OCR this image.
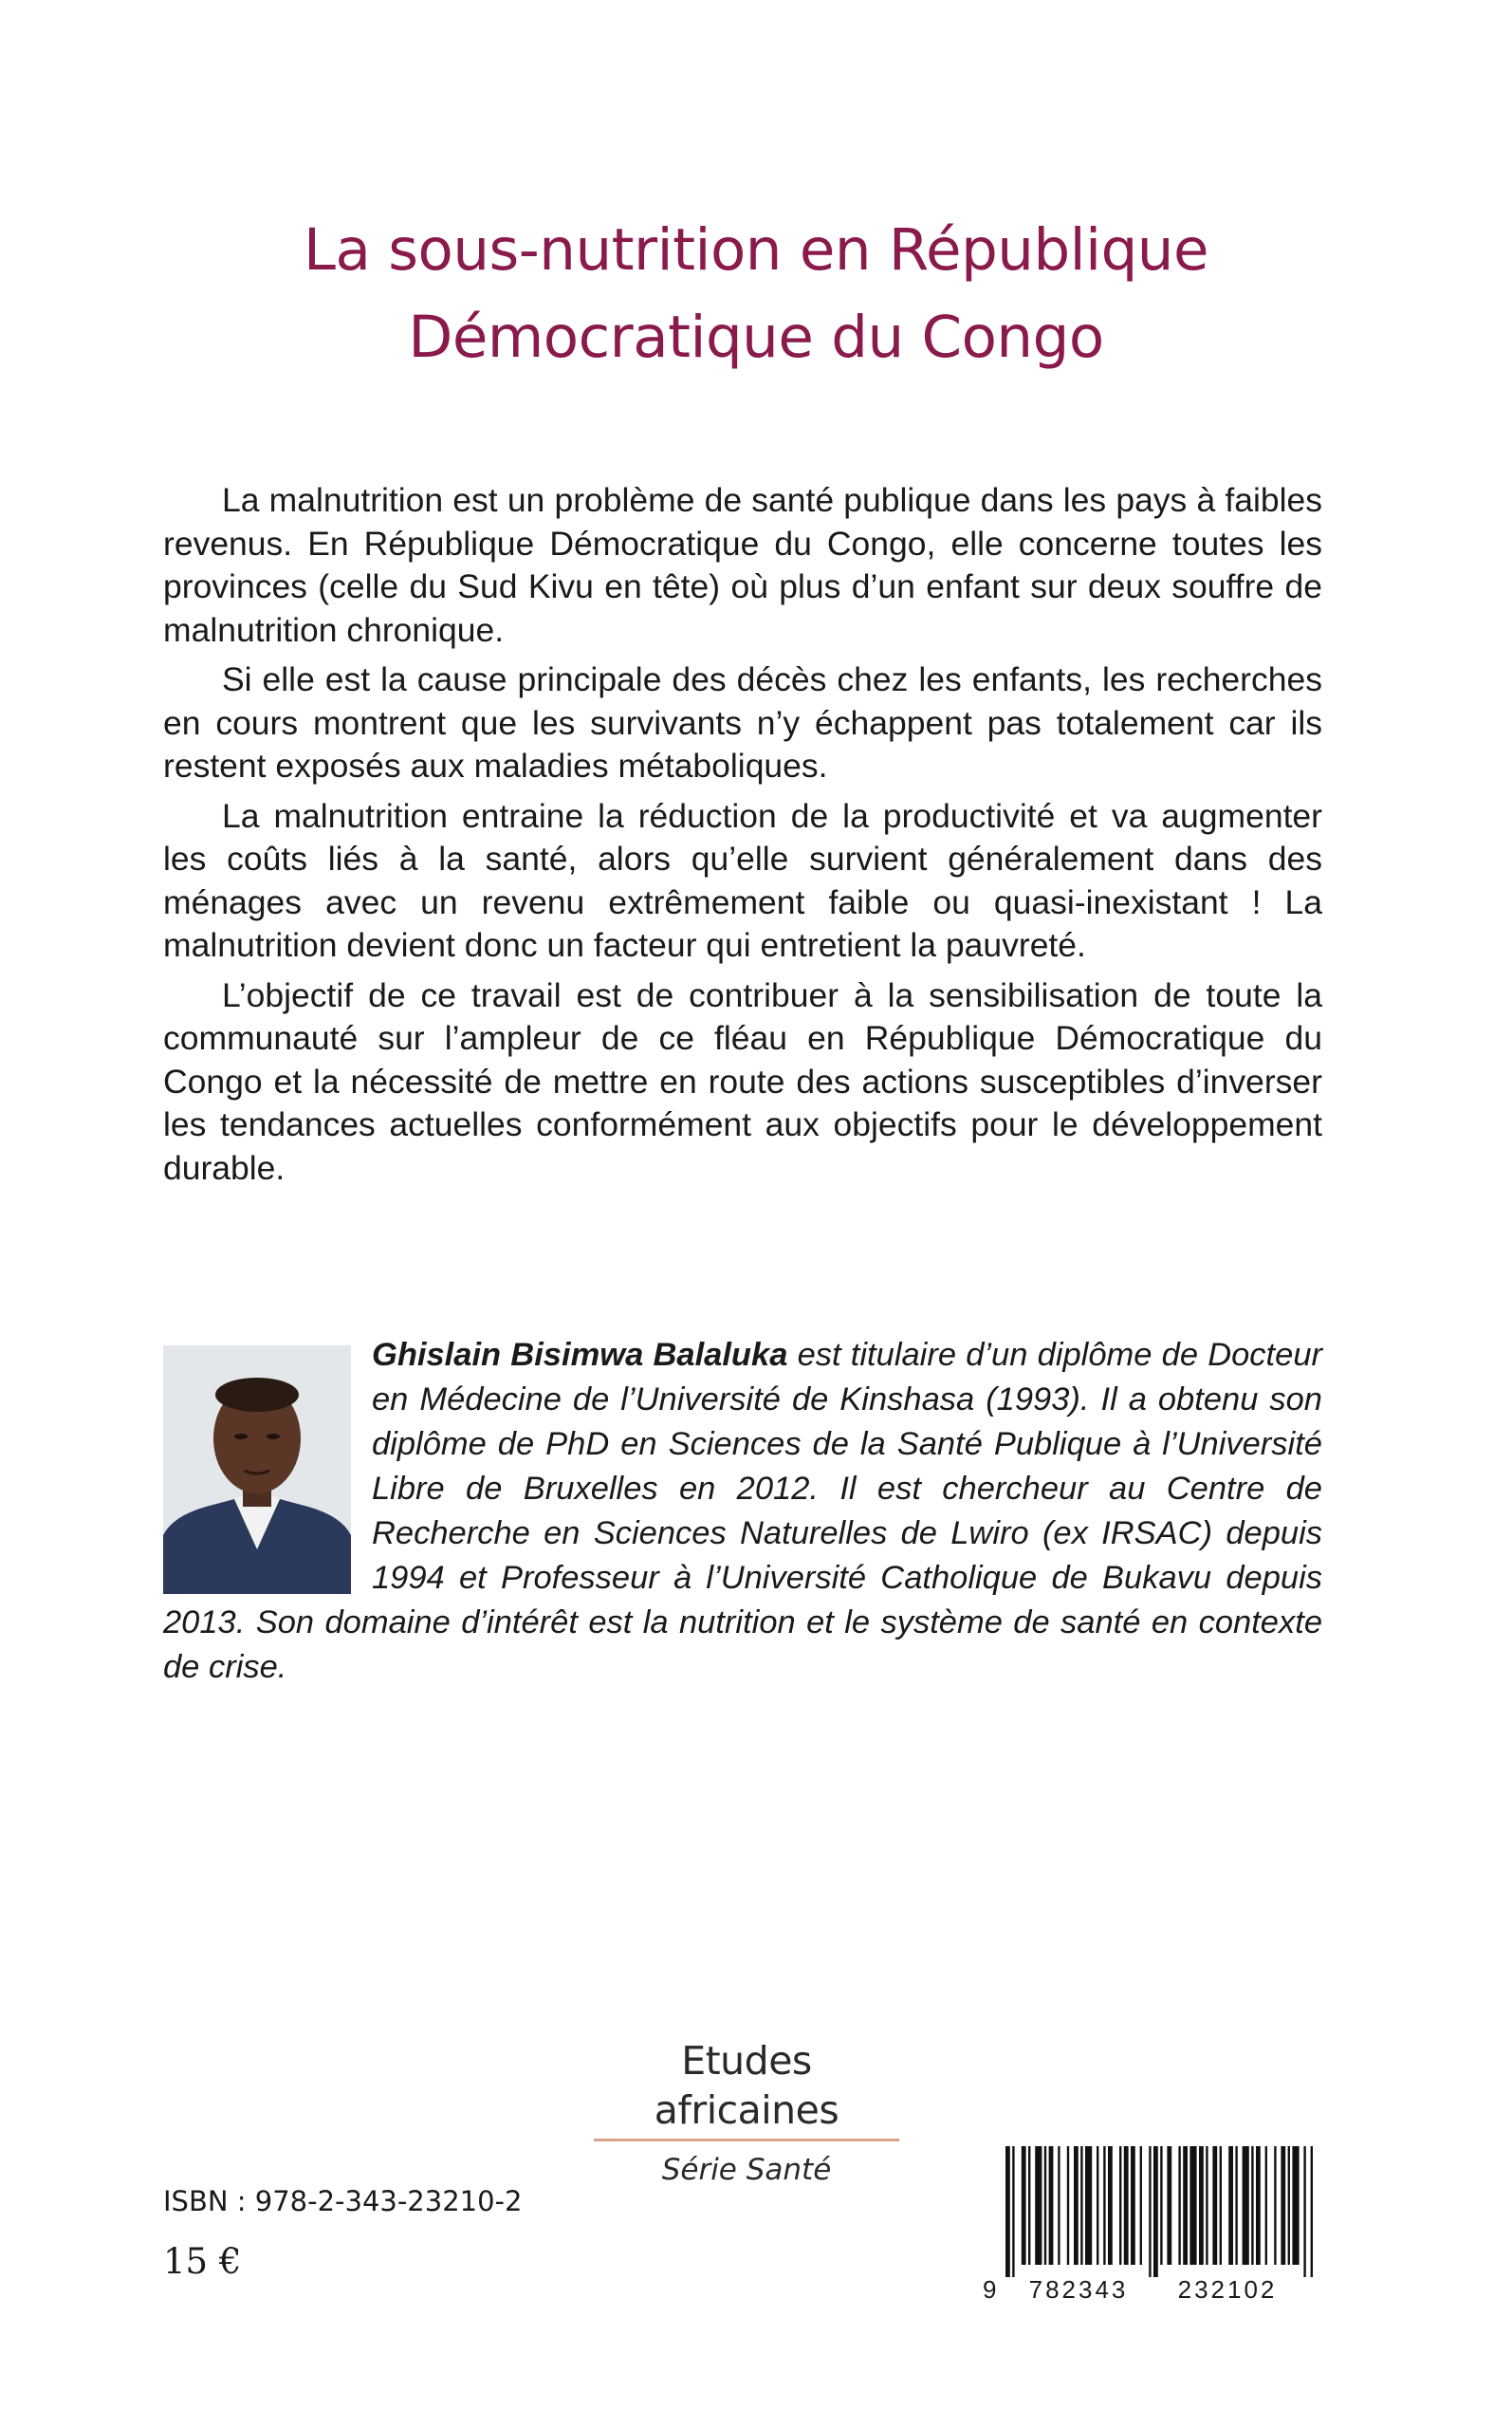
La sous-nutrition en République
Démocratique du Congo

La malnutrition est un problème de santé publique dans les pays à faibles revenus. En République Démocratique du Congo, elle concerne toutes les provinces (celle du Sud Kivu en tête) où plus d’un enfant sur deux souffre de malnutrition chronique.

Si elle est la cause principale des décès chez les enfants, les recherches en cours montrent que les survivants n’y échappent pas totalement car ils restent exposés aux maladies métaboliques.

La malnutrition entraine la réduction de la productivité et va augmenter les coûts liés à la santé, alors qu’elle survient généralement dans des ménages avec un revenu extrêmement faible ou quasi-inexistant ! La malnutrition devient donc un facteur qui entretient la pauvreté.

L’objectif de ce travail est de contribuer à la sensibilisation de toute la communauté sur l’ampleur de ce fléau en République Démocratique du Congo et la nécessité de mettre en route des actions susceptibles d’inverser les tendances actuelles conformément aux objectifs pour le développement durable.

Ghislain Bisimwa Balaluka est titulaire d’un diplôme de Docteur en Médecine de l’Université de Kinshasa (1993). Il a obtenu son diplôme de PhD en Sciences de la Santé Publique à l’Université Libre de Bruxelles en 2012. Il est chercheur au Centre de Recherche en Sciences Naturelles de Lwiro (ex IRSAC) depuis 1994 et Professeur à l’Université Catholique de Bukavu depuis 2013. Son domaine d’intérêt est la nutrition et le système de santé en contexte de crise.
Etudes africaines
Série Santé
ISBN : 978-2-343-23210-2
15 €
9 782343 232102
